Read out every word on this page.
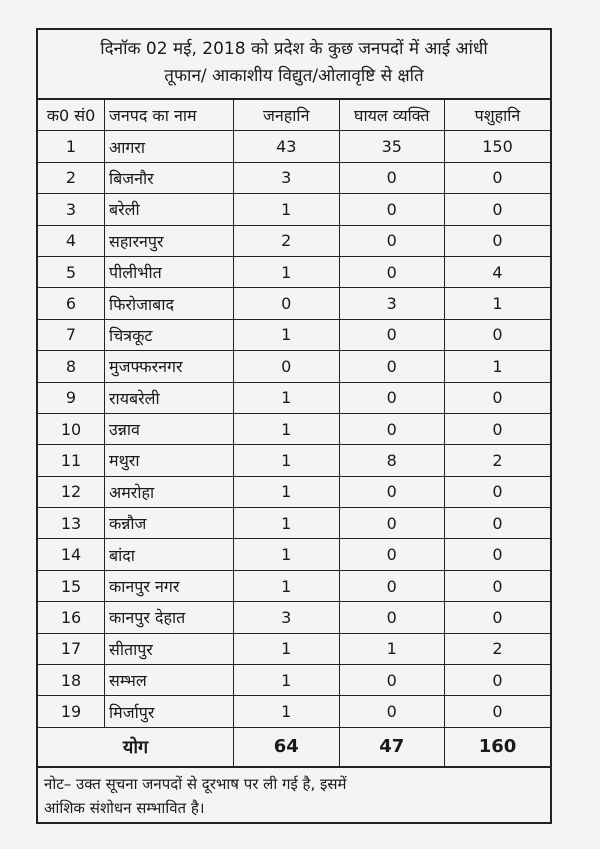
दिनॉक 02 मई, 2018 को प्रदेश के कुछ जनपदों में आई आंधी
तूफान/ आकाशीय विद्युत/ओलावृष्टि से क्षति
क0 सं0	जनपद का नाम	जनहानि	घायल व्यक्ति	पशुहानि
1	आगरा	43	35	150
2	बिजनौर	3	0	0
3	बरेली	1	0	0
4	सहारनपुर	2	0	0
5	पीलीभीत	1	0	4
6	फिरोजाबाद	0	3	1
7	चित्रकूट	1	0	0
8	मुजफ्फरनगर	0	0	1
9	रायबरेली	1	0	0
10	उन्नाव	1	0	0
11	मथुरा	1	8	2
12	अमरोहा	1	0	0
13	कन्नौज	1	0	0
14	बांदा	1	0	0
15	कानपुर नगर	1	0	0
16	कानपुर देहात	3	0	0
17	सीतापुर	1	1	2
18	सम्भल	1	0	0
19	मिर्जापुर	1	0	0
योग		64	47	160
नोट– उक्त सूचना जनपदों से दूरभाष पर ली गई है, इसमें
आंशिक संशोधन सम्भावित है।
